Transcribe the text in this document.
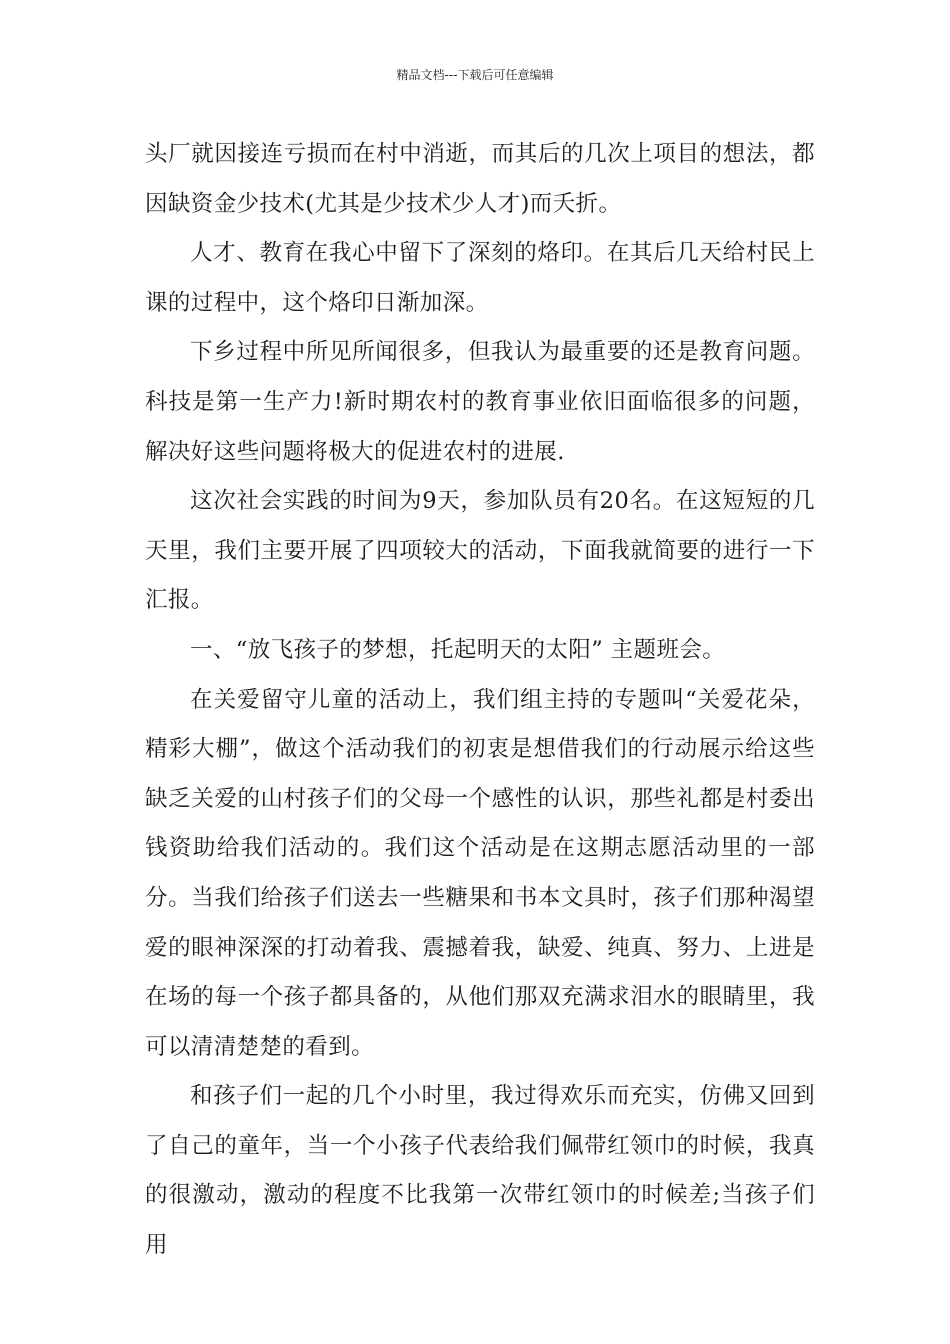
精品文档---下载后可任意编辑

头厂就因接连亏损而在村中消逝，而其后的几次上项目的想法，都因缺资金少技术(尤其是少技术少人才)而夭折。

人才、教育在我心中留下了深刻的烙印。在其后几天给村民上课的过程中，这个烙印日渐加深。

下乡过程中所见所闻很多，但我认为最重要的还是教育问题。科技是第一生产力!新时期农村的教育事业依旧面临很多的问题，解决好这些问题将极大的促进农村的进展.

这次社会实践的时间为9天，参加队员有20名。在这短短的几天里，我们主要开展了四项较大的活动，下面我就简要的进行一下汇报。

一、“放飞孩子的梦想，托起明天的太阳” 主题班会。

在关爱留守儿童的活动上，我们组主持的专题叫“关爱花朵，精彩大棚”，做这个活动我们的初衷是想借我们的行动展示给这些缺乏关爱的山村孩子们的父母一个感性的认识，那些礼都是村委出钱资助给我们活动的。我们这个活动是在这期志愿活动里的一部分。当我们给孩子们送去一些糖果和书本文具时，孩子们那种渴望爱的眼神深深的打动着我、震撼着我，缺爱、纯真、努力、上进是在场的每一个孩子都具备的，从他们那双充满求泪水的眼睛里，我可以清清楚楚的看到。

和孩子们一起的几个小时里，我过得欢乐而充实，仿佛又回到了自己的童年，当一个小孩子代表给我们佩带红领巾的时候，我真的很激动，激动的程度不比我第一次带红领巾的时候差;当孩子们用
